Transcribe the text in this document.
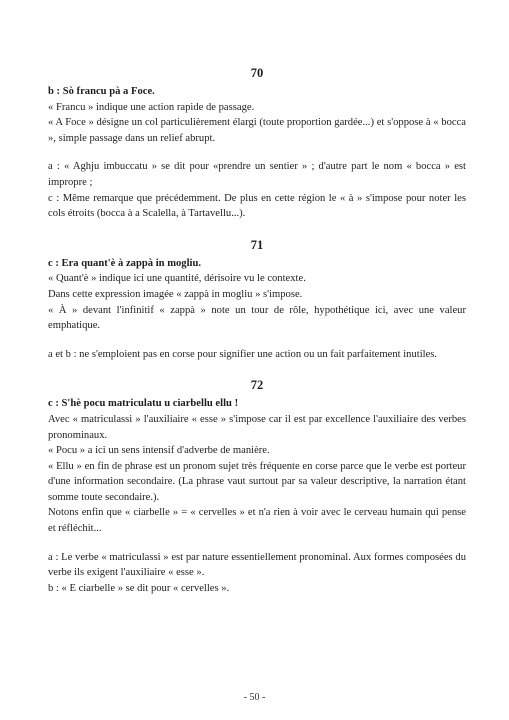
70

b : Sò francu pà a Foce.

« Francu » indique une action rapide de passage.

« A Foce » désigne un col particulièrement élargi (toute proportion gardée...) et s'oppose à « bocca », simple passage dans un relief abrupt.

a : « Aghju imbuccatu » se dit pour «prendre un sentier » ; d'autre part le nom « bocca » est impropre ;

c : Même remarque que précédemment. De plus en cette région le « à » s'impose pour noter les cols étroits (bocca à a Scalella, à Tartavellu...).

71

c : Era quant'è à zappà in mogliu.

« Quant'è » indique ici une quantité, dérisoire vu le contexte.

Dans cette expression imagée « zappà in mogliu » s'impose.

« À » devant l'infinitif « zappà » note un tour de rôle, hypothétique ici, avec une valeur emphatique.

a et b : ne s'emploient pas en corse pour signifier une action ou un fait parfaitement inutiles.

72

c : S'hè pocu matriculatu u ciarbellu ellu !

Avec « matriculassi » l'auxiliaire « esse » s'impose car il est par excellence l'auxiliaire des verbes pronominaux.

« Pocu » a ici un sens intensif d'adverbe de manière.

« Ellu » en fin de phrase est un pronom sujet très fréquente en corse parce que le verbe est porteur d'une information secondaire. (La phrase vaut surtout par sa valeur descriptive, la narration étant somme toute secondaire.).

Notons enfin que « ciarbelle » = « cervelles » et n'a rien à voir avec le cerveau humain qui pense et réfléchit...

a : Le verbe « matriculassi » est par nature essentiellement pronominal. Aux formes composées du verbe ils exigent l'auxiliaire « esse ».

b : « E ciarbelle » se dit pour « cervelles ».

- 50 -
